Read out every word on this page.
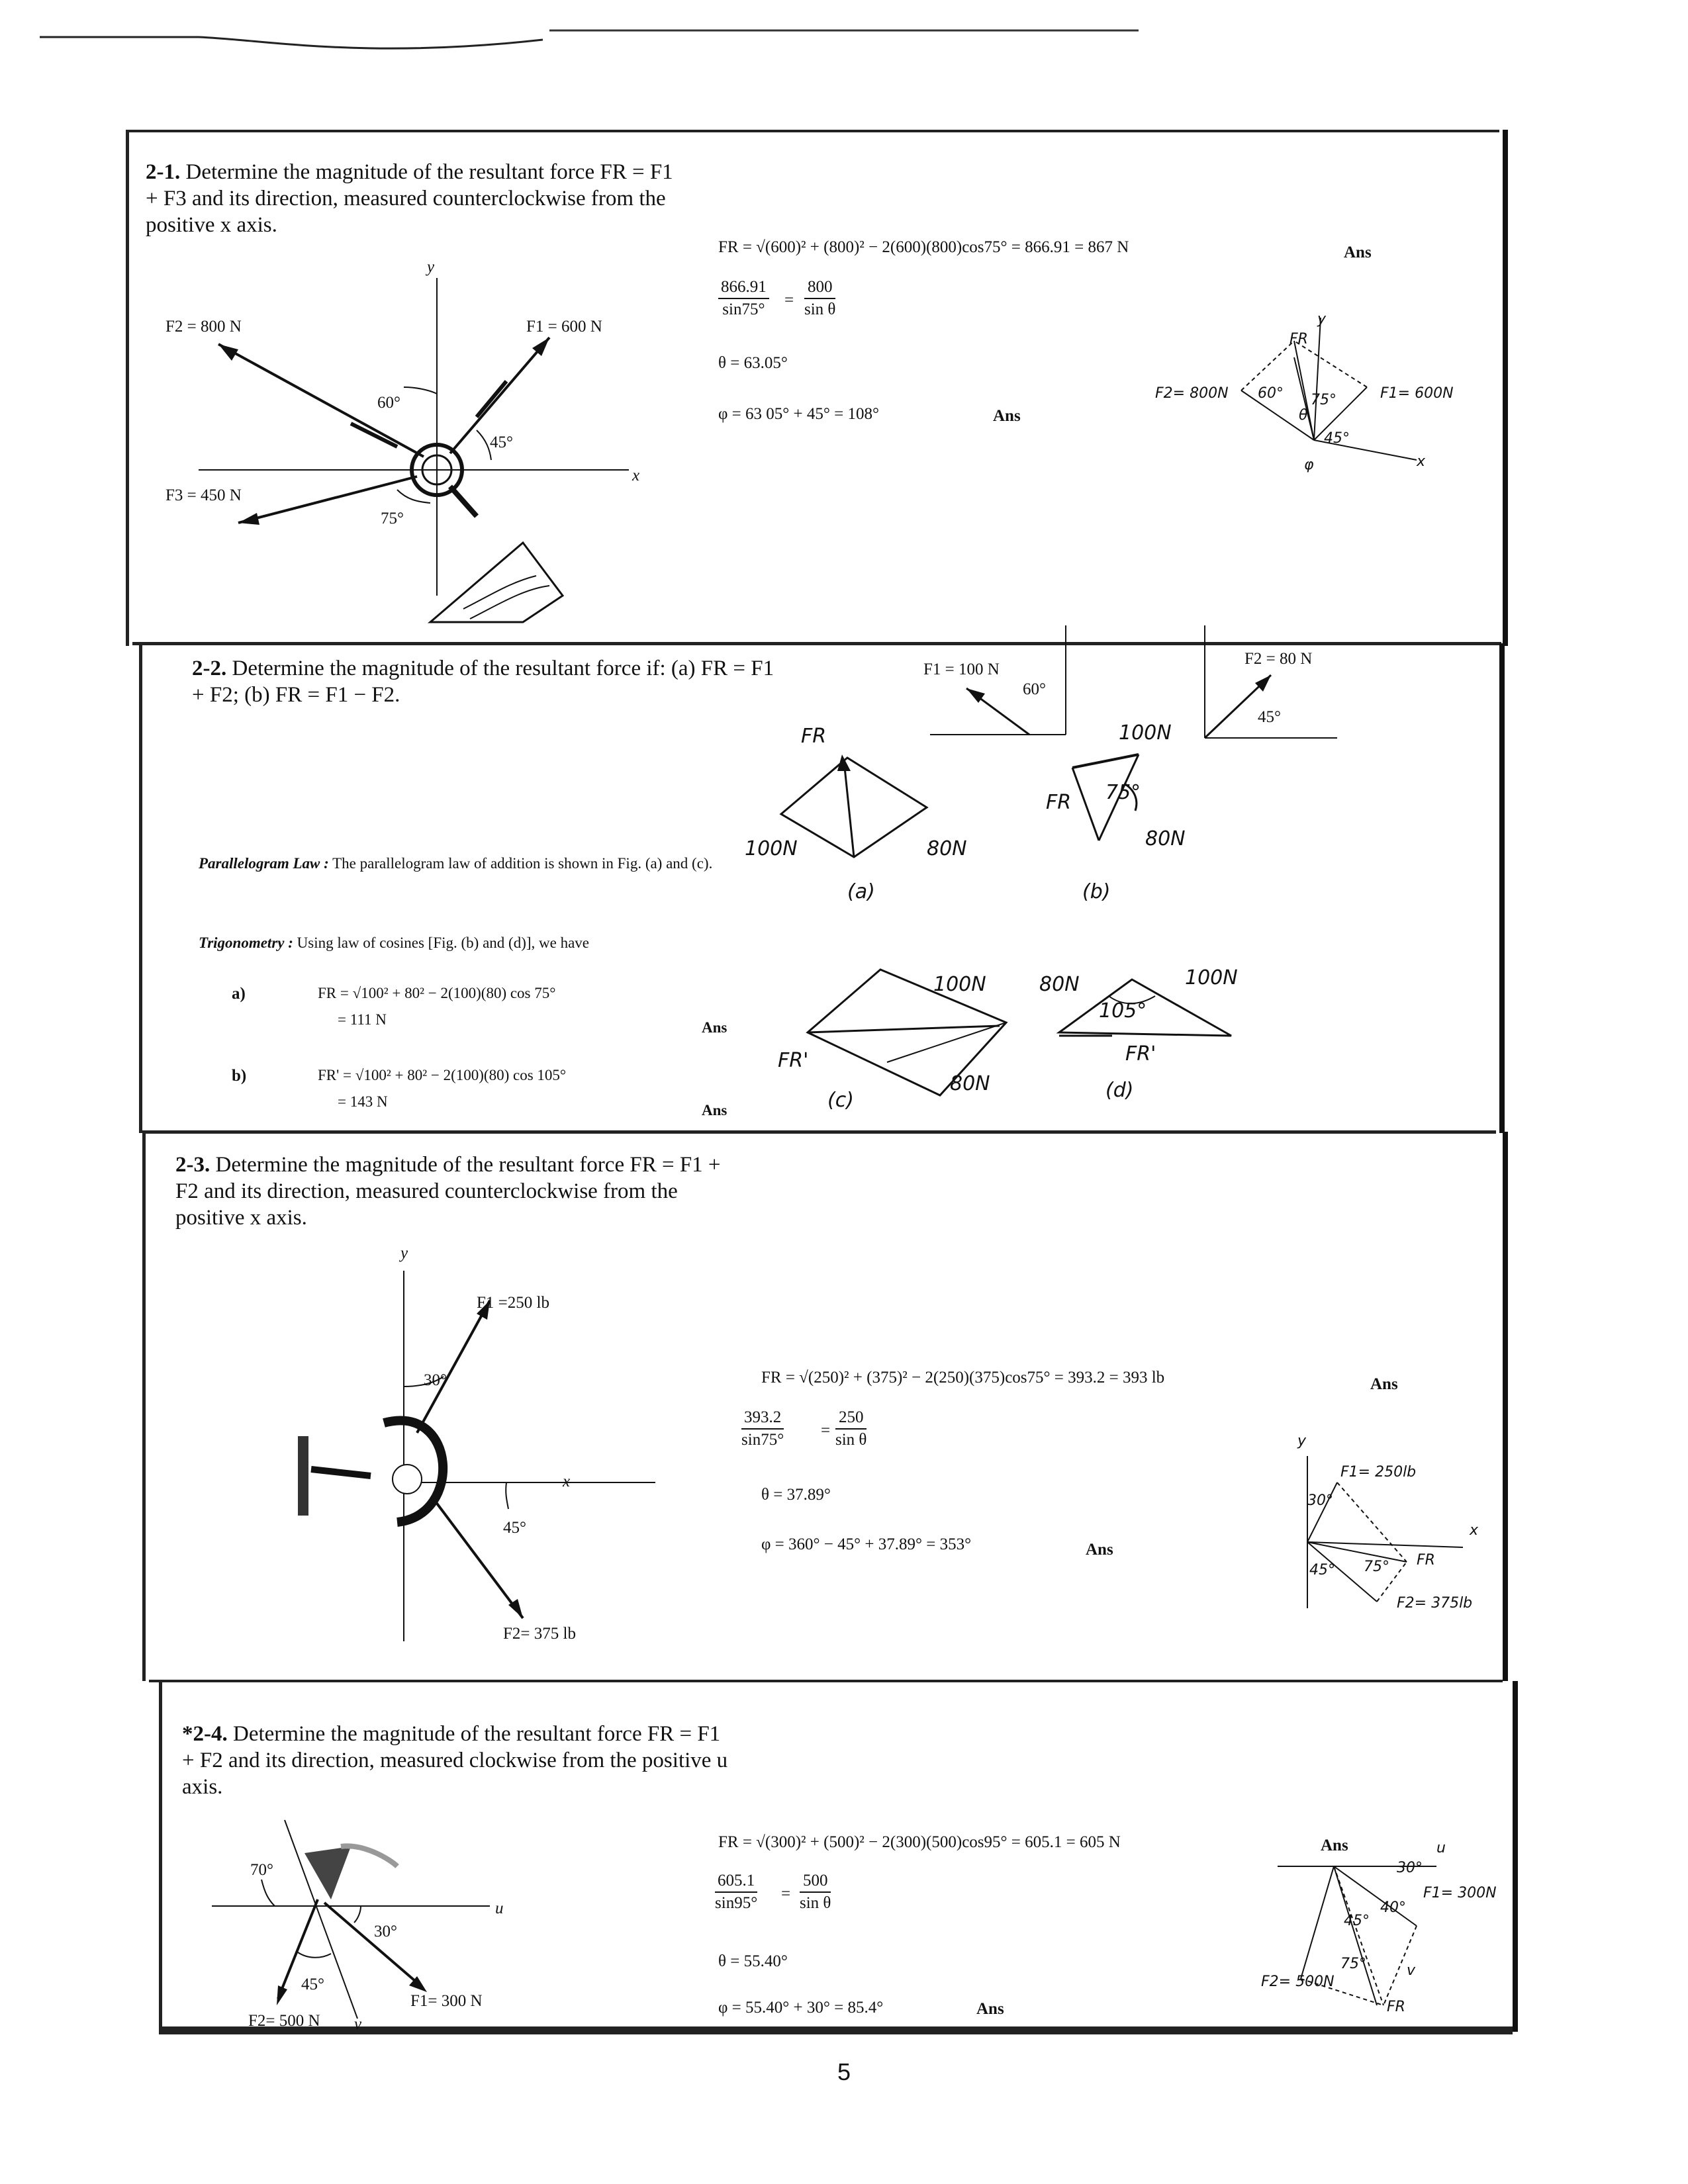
2-1. Determine the magnitude of the resultant force FR = F1 + F3 and its direction, measured counterclockwise from the positive x axis.
F2 = 800 N	F1 = 600 N
F3 = 450 N
y
x
60°
45°
75°
FR = √(600)² + (800)² − 2(600)(800)cos75° = 866.91 = 867 N	Ans
$\frac{866.91}{\sin 75^\circ} = \frac{800}{\text{sin θ}}$
θ = 63.05°
φ = 63 05° + 45° = 108°	Ans
FR
y
F2= 800N 60° 75°	F1= 600N
45°
θ
φ	x
2-2. Determine the magnitude of the resultant force if: (a) FR = F1 + F2; (b) FR = F1 − F2.
F1 = 100 N
60°
F2 = 80 N
45°
FR
100N	80N
(a)
100N
FR 75°
80N
(b)
Parallelogram Law : The parallelogram law of addition is shown in Fig. (a) and (c).
Trigonometry : Using law of cosines [Fig. (b) and (d)], we have
a)	FR = √100² + 80² − 2(100)(80) cos 75°
= 111 N	Ans
b)	FR' = √100² + 80² − 2(100)(80) cos 105°
= 143 N
Ans
100N
FR'
80N
(c)
80N	100N
105°
FR'
(d)
2-3. Determine the magnitude of the resultant force FR = F1 + F2 and its direction, measured counterclockwise from the positive x axis.
y
F1 =250 lb
30°
x
45°
F2= 375 lb
FR = √(250)² + (375)² − 2(250)(375)cos75° = 393.2 = 393 lb	Ans
$\frac{393.2}{\sin 75^\circ} = \frac{250}{\text{sin θ}}$
θ = 37.89°
φ = 360° − 45° + 37.89° = 353°	Ans
y
F1= 250lb
30°
x
FR
45° 75°
F2= 375lb
*2-4. Determine the magnitude of the resultant force FR = F1 + F2 and its direction, measured clockwise from the positive u axis.
70°
u
30°
45°
F1= 300 N
F2= 500 N v
FR = √(300)² + (500)² − 2(300)(500)cos95° = 605.1 = 605 N	Ans
$\frac{605.1}{\sin 95^\circ} = \frac{500}{\text{sin θ}}$
θ = 55.40°
φ = 55.40° + 30° = 85.4°	Ans
u
30°
F1= 300N
45°
40°
75°
F2= 500N
v
FR
5
